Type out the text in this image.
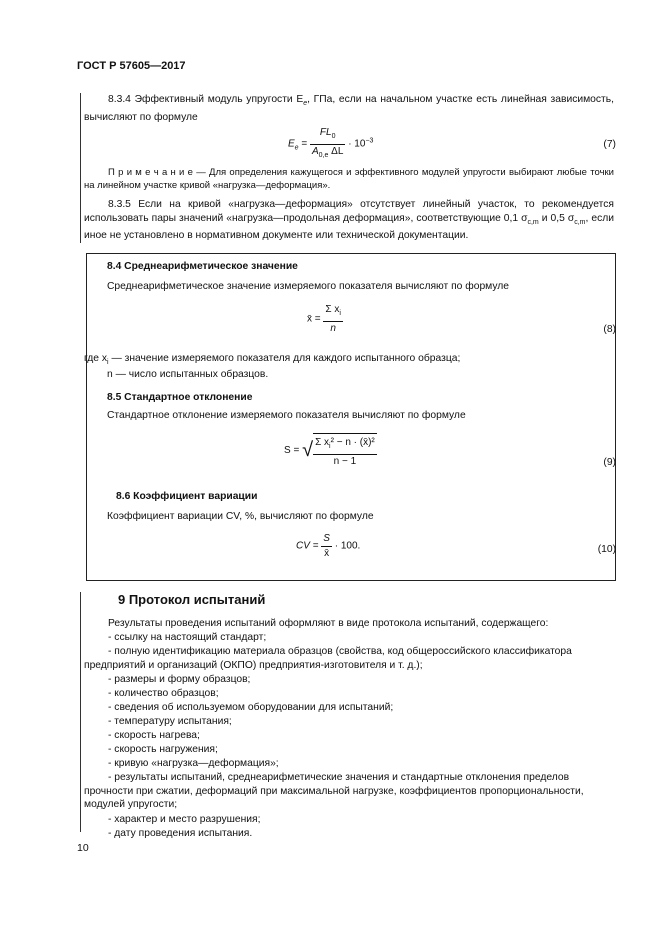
ГОСТ Р 57605—2017
8.3.4 Эффективный модуль упругости $E_e$, ГПа, если на начальном участке есть линейная зависимость, вычисляют по формуле
$E_e = \frac{FL_0}{A_{0,e} \Delta L} \cdot 10^{-3}$	(7)
П р и м е ч а н и е — Для определения кажущегося и эффективного модулей упругости выбирают любые точки на линейном участке кривой «нагрузка—деформация».
8.3.5 Если на кривой «нагрузка—деформация» отсутствует линейный участок, то рекомендуется использовать пары значений «нагрузка—продольная деформация», соответствующие 0,1 $\sigma_{c,m}$ и 0,5 $\sigma_{c,m}$, если иное не установлено в нормативном документе или технической документации.
8.4 Среднеарифметическое значение
Среднеарифметическое значение измеряемого показателя вычисляют по формуле
x̄ = $\frac{\Sigma x_i}{n}$	(8)
где $x_i$ — значение измеряемого показателя для каждого испытанного образца;
n — число испытанных образцов.
8.5 Стандартное отклонение
Стандартное отклонение измеряемого показателя вычисляют по формуле
S = √ $\frac{\Sigma x_i^2 - n \cdot (x̄)^2}{n - 1}$	(9)
8.6 Коэффициент вариации
Коэффициент вариации CV, %, вычисляют по формуле
CV = $\frac{S}{x̄} \cdot 100$.	(10)
9 Протокол испытаний
Результаты проведения испытаний оформляют в виде протокола испытаний, содержащего:
- ссылку на настоящий стандарт;
- полную идентификацию материала образцов (свойства, код общероссийского классификатора предприятий и организаций (ОКПО) предприятия-изготовителя и т. д.);
- размеры и форму образцов;
- количество образцов;
- сведения об используемом оборудовании для испытаний;
- температуру испытания;
- скорость нагрева;
- скорость нагружения;
- кривую «нагрузка—деформация»;
- результаты испытаний, среднеарифметические значения и стандартные отклонения пределов прочности при сжатии, деформаций при максимальной нагрузке, коэффициентов пропорциональности, модулей упругости;
- характер и место разрушения;
- дату проведения испытания.
10
